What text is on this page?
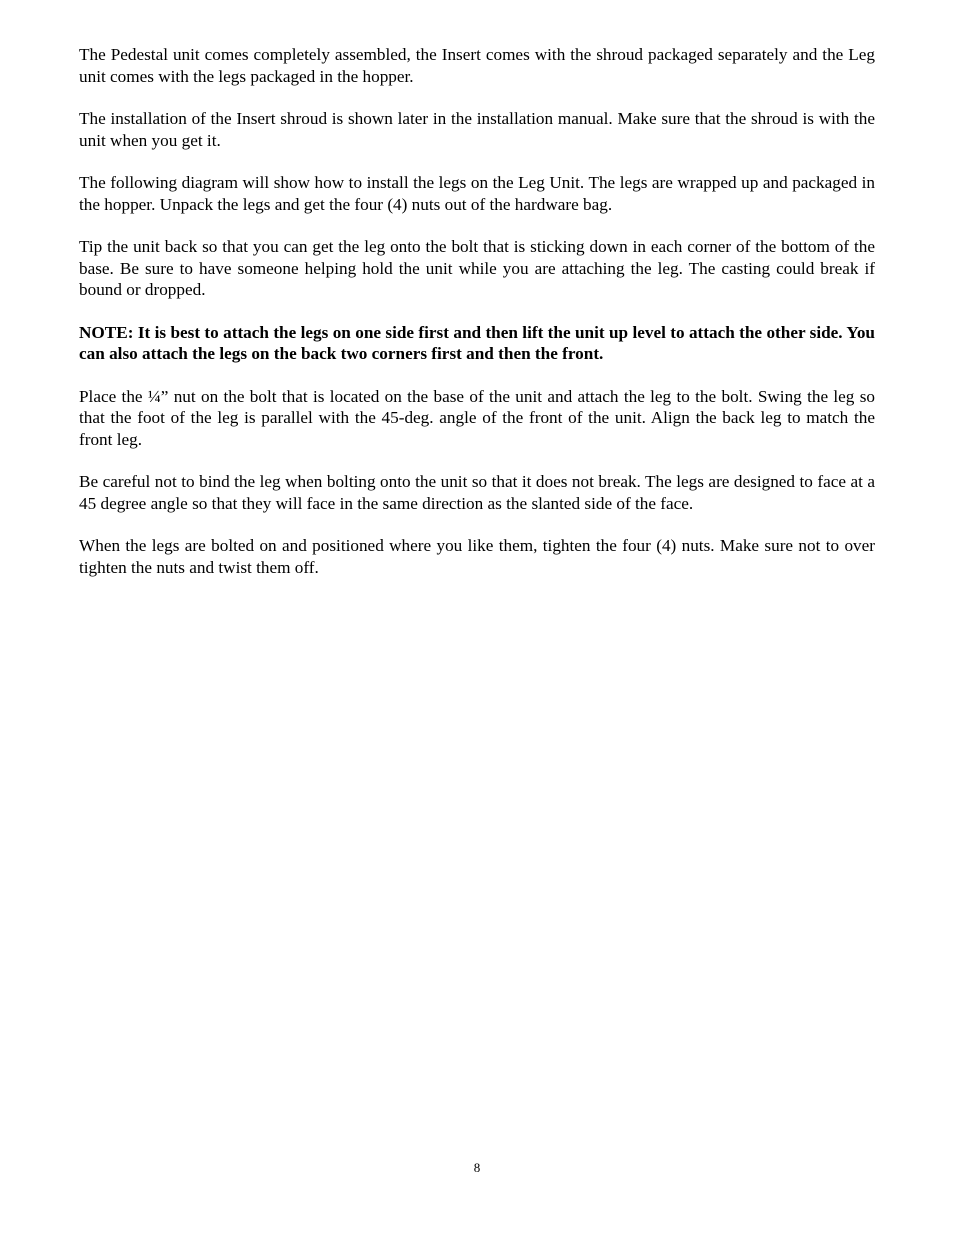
The Pedestal unit comes completely assembled, the Insert comes with the shroud packaged separately and the Leg unit comes with the legs packaged in the hopper.

The installation of the Insert shroud is shown later in the installation manual. Make sure that the shroud is with the unit when you get it.

The following diagram will show how to install the legs on the Leg Unit. The legs are wrapped up and packaged in the hopper. Unpack the legs and get the four (4) nuts out of the hardware bag.

Tip the unit back so that you can get the leg onto the bolt that is sticking down in each corner of the bottom of the base. Be sure to have someone helping hold the unit while you are attaching the leg. The casting could break if bound or dropped.

NOTE: It is best to attach the legs on one side first and then lift the unit up level to attach the other side. You can also attach the legs on the back two corners first and then the front.

Place the ¼” nut on the bolt that is located on the base of the unit and attach the leg to the bolt. Swing the leg so that the foot of the leg is parallel with the 45-deg. angle of the front of the unit. Align the back leg to match the front leg.

Be careful not to bind the leg when bolting onto the unit so that it does not break. The legs are designed to face at a 45 degree angle so that they will face in the same direction as the slanted side of the face.

When the legs are bolted on and positioned where you like them, tighten the four (4) nuts. Make sure not to over tighten the nuts and twist them off.

8
